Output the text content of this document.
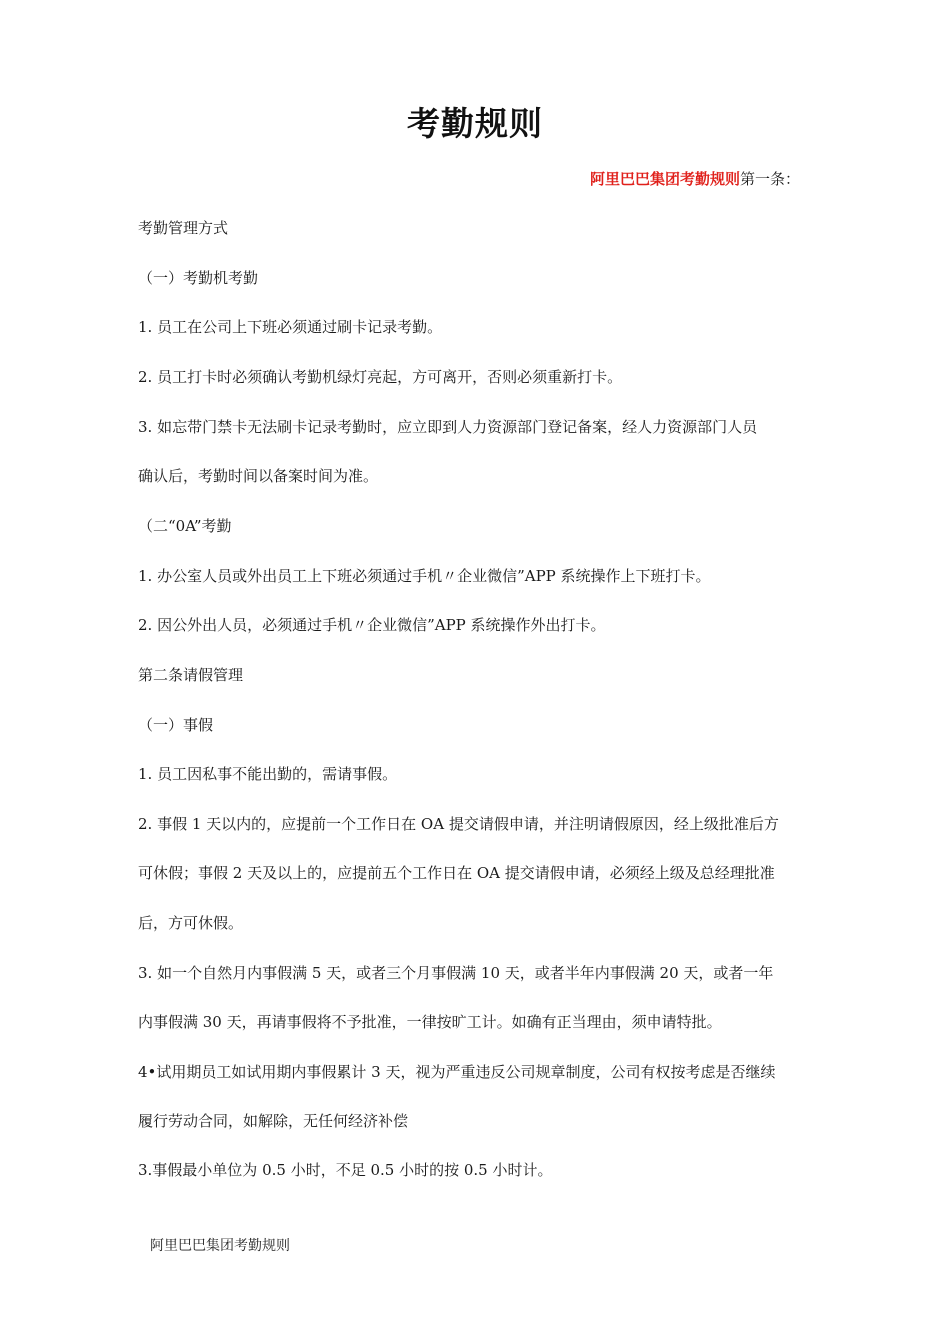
考勤规则
阿里巴巴集团考勤规则第一条：
考勤管理方式
（一）考勤机考勤
1. 员工在公司上下班必须通过刷卡记录考勤。
2. 员工打卡时必须确认考勤机绿灯亮起，方可离开，否则必须重新打卡。
3. 如忘带门禁卡无法刷卡记录考勤时，应立即到人力资源部门登记备案，经人力资源部门人员
确认后，考勤时间以备案时间为准。
（二“0A”考勤
1. 办公室人员或外出员工上下班必须通过手机〃企业微信”APP 系统操作上下班打卡。
2. 因公外出人员，必须通过手机〃企业微信”APP 系统操作外出打卡。
第二条请假管理
（一）事假
1. 员工因私事不能出勤的，需请事假。
2. 事假 1 天以内的，应提前一个工作日在 OA 提交请假申请，并注明请假原因，经上级批准后方
可休假；事假 2 天及以上的，应提前五个工作日在 OA 提交请假申请，必须经上级及总经理批准
后，方可休假。
3. 如一个自然月内事假满 5 天，或者三个月事假满 10 天，或者半年内事假满 20 天，或者一年
内事假满 30 天，再请事假将不予批准，一律按旷工计。如确有正当理由，须申请特批。
4•试用期员工如试用期内事假累计 3 天，视为严重违反公司规章制度，公司有权按考虑是否继续
履行劳动合同，如解除，无任何经济补偿
3.事假最小单位为 0.5 小时，不足 0.5 小时的按 0.5 小时计。
阿里巴巴集团考勤规则
